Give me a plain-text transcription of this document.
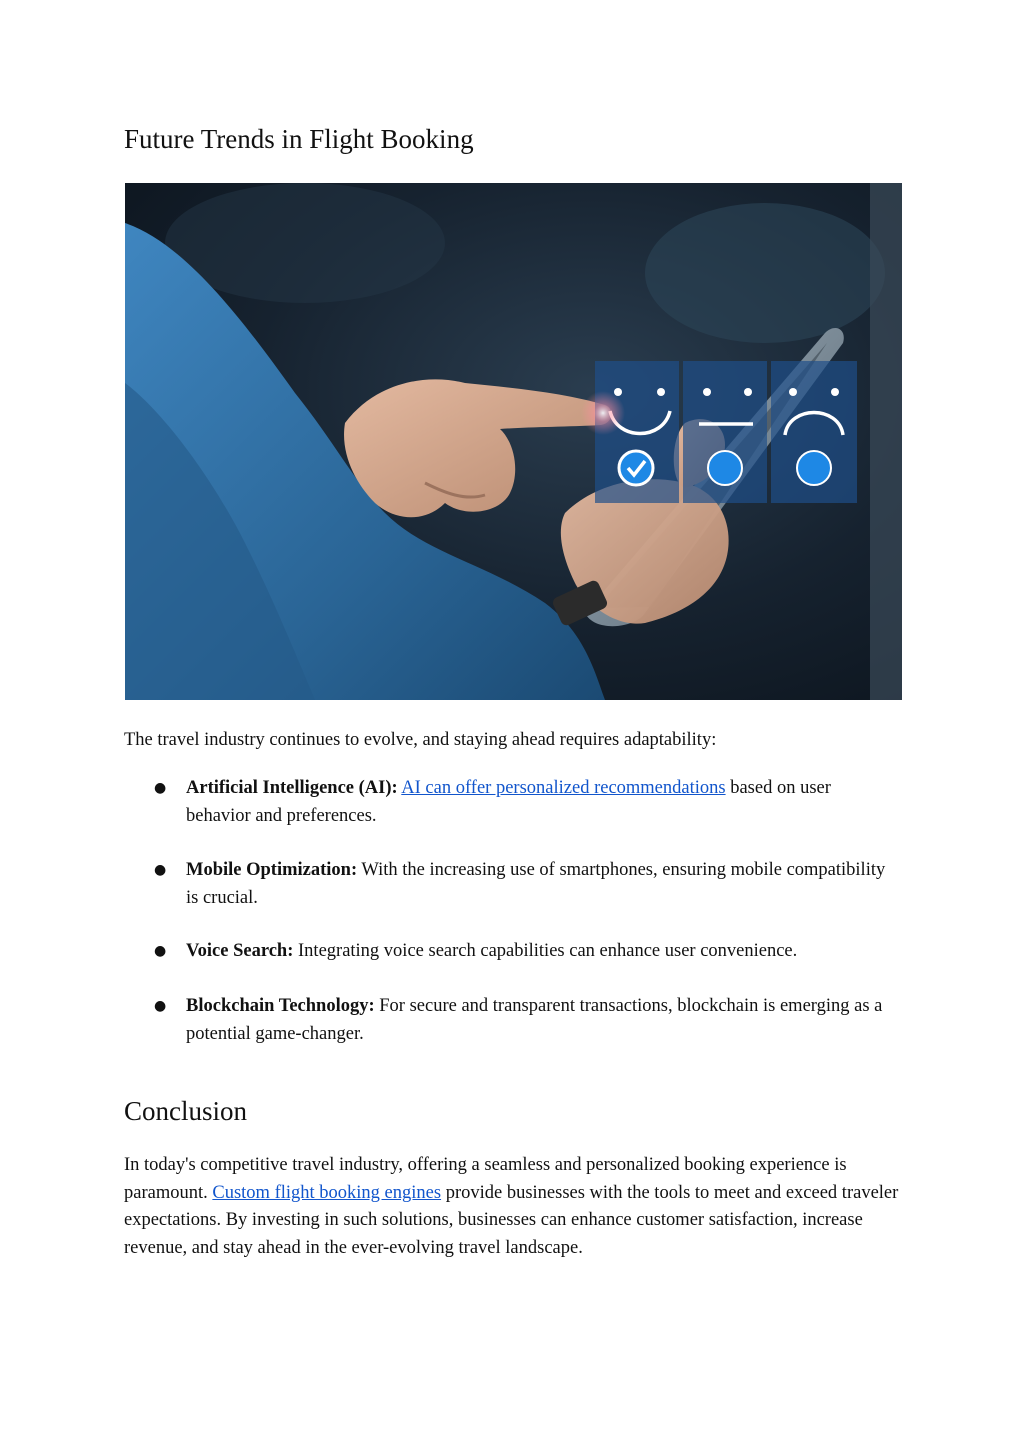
Future Trends in Flight Booking

The travel industry continues to evolve, and staying ahead requires adaptability:

● Artificial Intelligence (AI): AI can offer personalized recommendations based on user behavior and preferences.
● Mobile Optimization: With the increasing use of smartphones, ensuring mobile compatibility is crucial.
● Voice Search: Integrating voice search capabilities can enhance user convenience.
● Blockchain Technology: For secure and transparent transactions, blockchain is emerging as a potential game-changer.
Conclusion

In today's competitive travel industry, offering a seamless and personalized booking experience is paramount. Custom flight booking engines provide businesses with the tools to meet and exceed traveler expectations. By investing in such solutions, businesses can enhance customer satisfaction, increase revenue, and stay ahead in the ever-evolving travel landscape.
